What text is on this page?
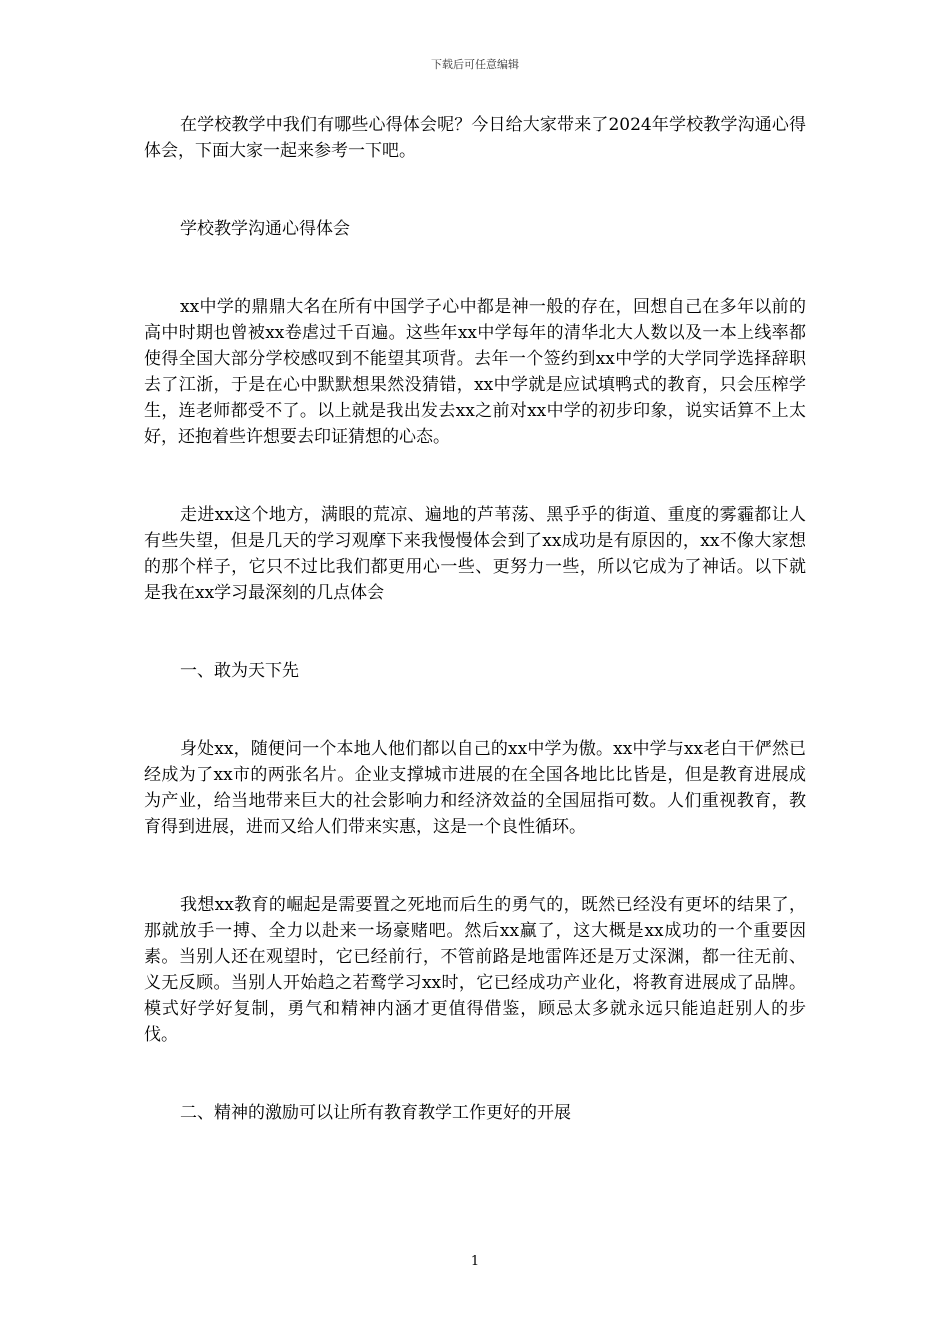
下载后可任意编辑

在学校教学中我们有哪些心得体会呢？今日给大家带来了2024年学校教学沟通心得体会，下面大家一起来参考一下吧。

学校教学沟通心得体会

xx中学的鼎鼎大名在所有中国学子心中都是神一般的存在，回想自己在多年以前的高中时期也曾被xx卷虐过千百遍。这些年xx中学每年的清华北大人数以及一本上线率都使得全国大部分学校感叹到不能望其项背。去年一个签约到xx中学的大学同学选择辞职去了江浙，于是在心中默默想果然没猜错，xx中学就是应试填鸭式的教育，只会压榨学生，连老师都受不了。以上就是我出发去xx之前对xx中学的初步印象，说实话算不上太好，还抱着些许想要去印证猜想的心态。

走进xx这个地方，满眼的荒凉、遍地的芦苇荡、黑乎乎的街道、重度的雾霾都让人有些失望，但是几天的学习观摩下来我慢慢体会到了xx成功是有原因的，xx不像大家想的那个样子，它只不过比我们都更用心一些、更努力一些，所以它成为了神话。以下就是我在xx学习最深刻的几点体会

一、敢为天下先

身处xx，随便问一个本地人他们都以自己的xx中学为傲。xx中学与xx老白干俨然已经成为了xx市的两张名片。企业支撑城市进展的在全国各地比比皆是，但是教育进展成为产业，给当地带来巨大的社会影响力和经济效益的全国屈指可数。人们重视教育，教育得到进展，进而又给人们带来实惠，这是一个良性循环。

我想xx教育的崛起是需要置之死地而后生的勇气的，既然已经没有更坏的结果了，那就放手一搏、全力以赴来一场豪赌吧。然后xx赢了，这大概是xx成功的一个重要因素。当别人还在观望时，它已经前行，不管前路是地雷阵还是万丈深渊，都一往无前、义无反顾。当别人开始趋之若鹜学习xx时，它已经成功产业化，将教育进展成了品牌。模式好学好复制，勇气和精神内涵才更值得借鉴，顾忌太多就永远只能追赶别人的步伐。

二、精神的激励可以让所有教育教学工作更好的开展

1
